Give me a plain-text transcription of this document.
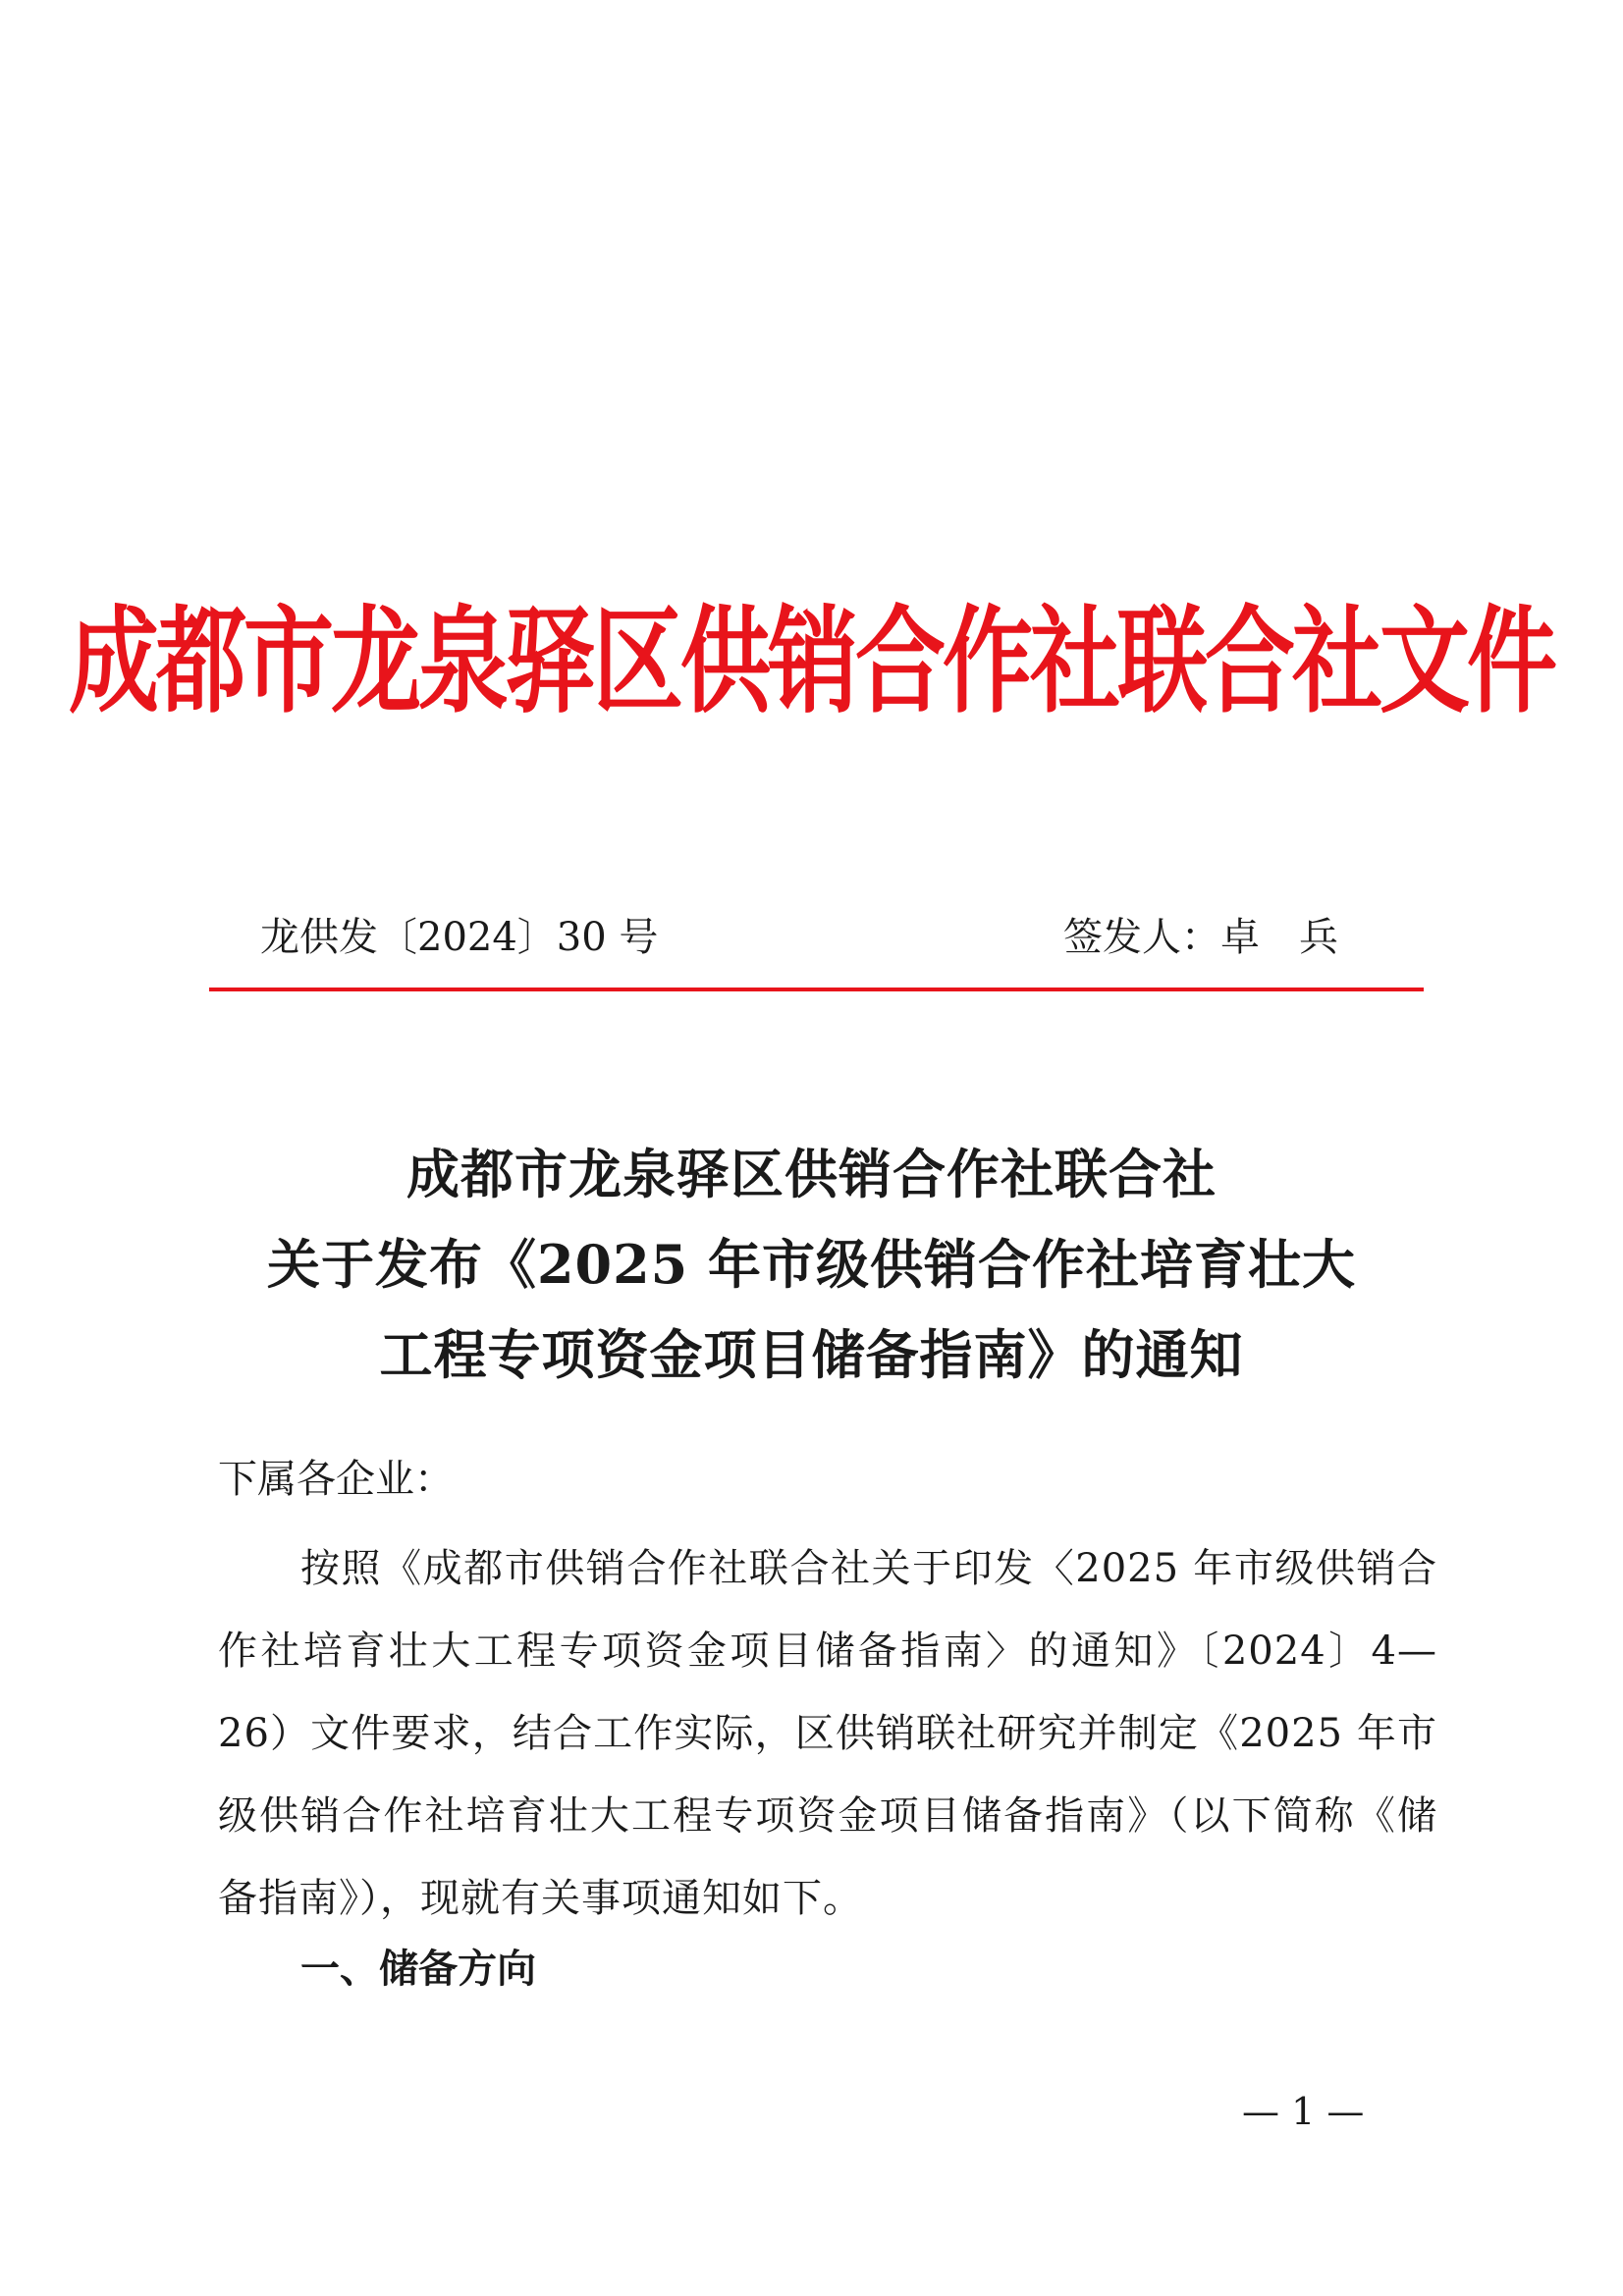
成都市龙泉驿区供销合作社联合社文件
龙供发〔2024〕30 号	签发人：卓　兵
成都市龙泉驿区供销合作社联合社
关于发布《2025 年市级供销合作社培育壮大
工程专项资金项目储备指南》的通知
下属各企业：
按照《成都市供销合作社联合社关于印发〈2025 年市级供销合作社培育壮大工程专项资金项目储备指南〉的通知》〔2024〕4—26）文件要求，结合工作实际，区供销联社研究并制定《2025 年市级供销合作社培育壮大工程专项资金项目储备指南》（以下简称《储备指南》），现就有关事项通知如下。
一、储备方向
— 1 —
